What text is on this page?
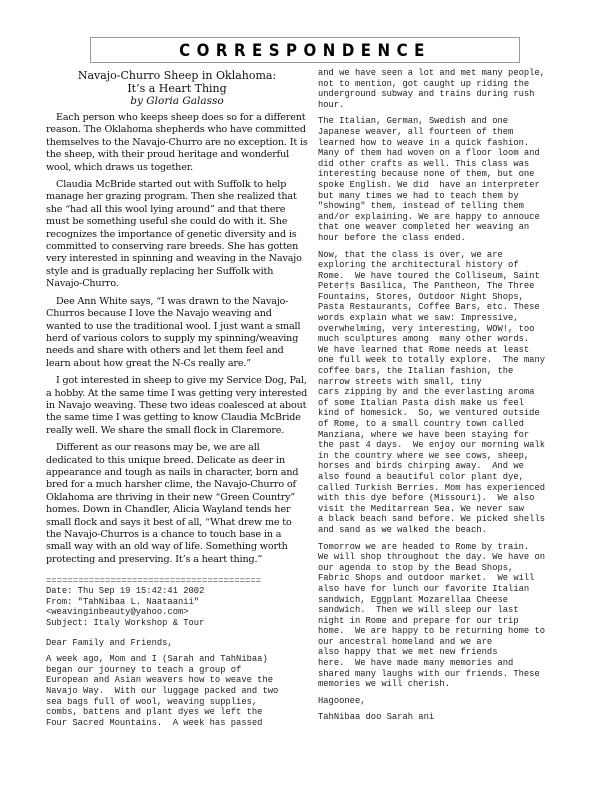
CORRESPONDENCE
Navajo-Churro Sheep in Oklahoma:
It’s a Heart Thing
by Gloria Galasso

Each person who keeps sheep does so for a different reason. The Oklahoma shepherds who have committed themselves to the Navajo-Churro are no exception. It is the sheep, with their proud heritage and wonderful wool, which draws us together.

Claudia McBride started out with Suffolk to help manage her grazing program. Then she realized that she “had all this wool lying around” and that there must be something useful she could do with it. She recognizes the importance of genetic diversity and is committed to conserving rare breeds. She has gotten very interested in spinning and weaving in the Navajo style and is gradually replacing her Suffolk with Navajo-Churro.

Dee Ann White says, “I was drawn to the Navajo-Churros because I love the Navajo weaving and wanted to use the traditional wool. I just want a small herd of various colors to supply my spinning/weaving needs and share with others and let them feel and learn about how great the N-Cs really are.”

I got interested in sheep to give my Service Dog, Pal, a hobby. At the same time I was getting very interested in Navajo weaving. These two ideas coalesced at about the same time I was getting to know Claudia McBride really well. We share the small flock in Claremore.

Different as our reasons may be, we are all dedicated to this unique breed. Delicate as deer in appearance and tough as nails in character, born and bred for a much harsher clime, the Navajo-Churro of Oklahoma are thriving in their new “Green Country” homes. Down in Chandler, Alicia Wayland tends her small flock and says it best of all, “What drew me to the Navajo-Churros is a chance to touch base in a small way with an old way of life. Something worth protecting and preserving. It’s a heart thing.”

========================================
Date: Thu Sep 19 15:42:41 2002
From: "TahNibaa L. Naataanii"
<weavinginbeauty@yahoo.com>
Subject: Italy Workshop & Tour
Dear Family and Friends,
A week ago, Mom and I (Sarah and TahNibaa)
began our journey to teach a group of
European and Asian weavers how to weave the
Navajo Way.  With our luggage packed and two
sea bags full of wool, weaving supplies,
combs, battens and plant dyes we left the
Four Sacred Mountains.  A week has passed
and we have seen a lot and met many people,
not to mention, got caught up riding the
underground subway and trains during rush
hour.
The Italian, German, Swedish and one
Japanese weaver, all fourteen of them
learned how to weave in a quick fashion.
Many of them had woven on a floor loom and
did other crafts as well. This class was
interesting because none of them, but one
spoke English. We did  have an interpreter
but many times we had to teach them by
"showing" them, instead of telling them
and/or explaining. We are happy to annouce
that one weaver completed her weaving an
hour before the class ended.
Now, that the class is over, we are
exploring the architectural history of
Rome.  We have toured the Colliseum, Saint
Peter†s Basilica, The Pantheon, The Three
Fountains, Stores, Outdoor Night Shops,
Pasta Restaurants, Coffee Bars, etc. These
words explain what we saw: Impressive,
overwhelming, very interesting, WOW!, too
much sculptures among  many other words.
We have learned that Rome needs at least
one full week to totally explore.  The many
coffee bars, the Italian fashion, the
narrow streets with small, tiny
cars zipping by and the everlasting aroma
of some Italian Pasta dish make us feel
kind of homesick.  So, we ventured outside
of Rome, to a small country town called
Manziana, where we have been staying for
the past 4 days.  We enjoy our morning walk
in the country where we see cows, sheep,
horses and birds chirping away.  And we
also found a beautiful color plant dye,
called Turkish Berries. Mom has experienced
with this dye before (Missouri).  We also
visit the Meditarrean Sea. We never saw
a black beach sand before. We picked shells
and sand as we walked the beach.
Tomorrow we are headed to Rome by train.
We will shop throughout the day. We have on
our agenda to stop by the Bead Shops,
Fabric Shops and outdoor market.  We will
also have for lunch our favorite Italian
sandwich, Eggplant Mozarellaa Cheese
sandwich.  Then we will sleep our last
night in Rome and prepare for our trip
home.  We are happy to be returning home to
our ancestral homeland and we are
also happy that we met new friends
here.  We have made many memories and
shared many laughs with our friends. These
memories we will cherish.
Hagoonee,
TahNibaa doo Sarah ani
